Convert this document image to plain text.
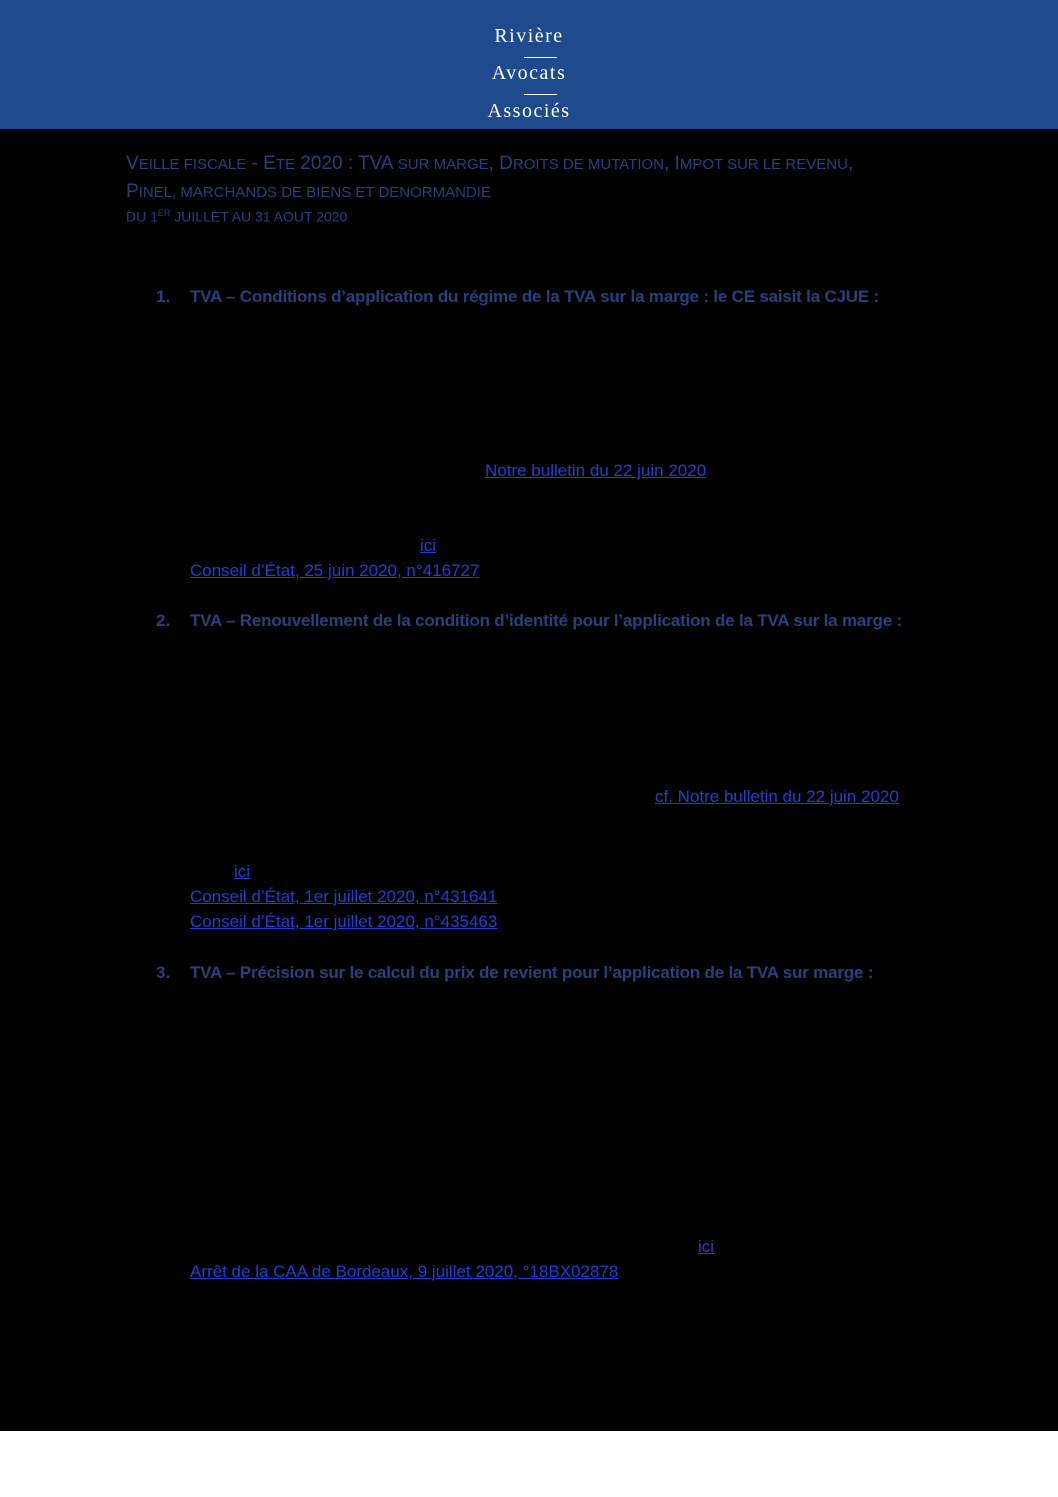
Rivière
Avocats
Associés
VEILLE FISCALE - ETE 2020 : TVA SUR MARGE, DROITS DE MUTATION, IMPOT SUR LE REVENU,
PINEL, MARCHANDS DE BIENS ET DENORMANDIE
DU 1ER JUILLET AU 31 AOUT 2020
1.	TVA – Conditions d’application du régime de la TVA sur la marge : le CE saisit la CJUE :
Notre bulletin du 22 juin 2020
ici
Conseil d’État, 25 juin 2020, n°416727
2.	TVA – Renouvellement de la condition d’identité pour l’application de la TVA sur la marge :
cf. Notre bulletin du 22 juin 2020
ici
Conseil d’État, 1er juillet 2020, n°431641
Conseil d’État, 1er juillet 2020, n°435463
3.	TVA – Précision sur le calcul du prix de revient pour l’application de la TVA sur marge :
ici
Arrêt de la CAA de Bordeaux, 9 juillet 2020, °18BX02878
